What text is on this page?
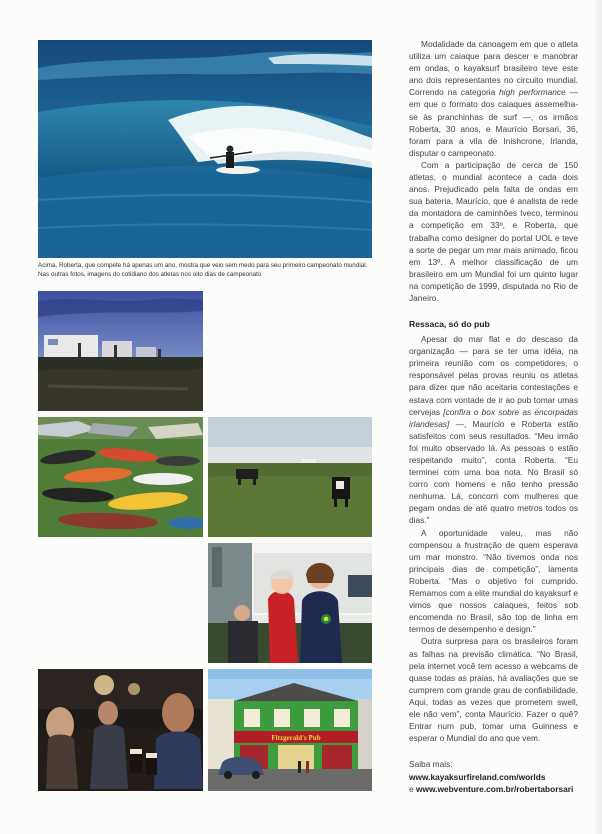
Acima, Roberta, que compete há apenas um ano, mostra que veio sem medo para seu primeiro campeonato mundial. Nas outras fotos, imagens do cotidiano dos atletas nos oito dias de campeonato

Fitzgerald's Pub

Modalidade da canoagem em que o atleta utiliza um caiaque para descer e manobrar em ondas, o kayaksurf brasileiro teve este ano dois representantes no circuito mundial. Correndo na categoria high performance — em que o formato dos caiaques assemelha-se às pranchinhas de surf —, os irmãos Roberta, 30 anos, e Maurício Borsari, 36, foram para a vila de Inishcrone, Irlanda, disputar o campeonato.

Com a participação de cerca de 150 atletas, o mundial acontece a cada dois anos. Prejudicado pela falta de ondas em sua bateria, Maurício, que é analista de rede da montadora de caminhões Iveco, terminou a competição em 33º, e Roberta, que trabalha como designer do portal UOL e teve a sorte de pegar um mar mais animado, ficou em 13º. A melhor classificação de um brasileiro em um Mundial foi um quinto lugar na competição de 1999, disputada no Rio de Janeiro.

Ressaca, só do pub

Apesar do mar flat e do descaso da organização — para se ter uma idéia, na primeira reunião com os competidores, o responsável pelas provas reuniu os atletas para dizer que não aceitaria contestações e estava com vontade de ir ao pub tomar umas cervejas [confira o box sobre as encorpadas irlandesas] —, Maurício e Roberta estão satisfeitos com seus resultados. “Meu irmão foi muito observado lá. As pessoas o estão respeitando muito”, conta Roberta. “Eu terminei com uma boa nota. No Brasil só corro com homens e não tenho pressão nenhuma. Lá, concorri com mulheres que pegam ondas de até quatro metros todos os dias.”

A oportunidade valeu, mas não compensou a frustração de quem esperava um mar monstro. “Não tivemos onda nos principais dias de competição”, lamenta Roberta. “Mas o objetivo foi cumprido. Remamos com a elite mundial do kayaksurf e vimos que nossos caiaques, feitos sob encomenda no Brasil, são top de linha em termos de desempenho e design.”

Outra surpresa para os brasileiros foram as falhas na previsão climática. “No Brasil, pela internet você tem acesso a webcams de quase todas as praias, há avaliações que se cumprem com grande grau de confiabilidade. Aqui, todas as vezes que prometem swell, ele não vem”, conta Maurício. Fazer o quê? Entrar num pub, tomar uma Guinness e esperar o Mundial do ano que vem.

Saiba mais: www.kayaksurfireland.com/worlds
e www.webventure.com.br/robertaborsari
